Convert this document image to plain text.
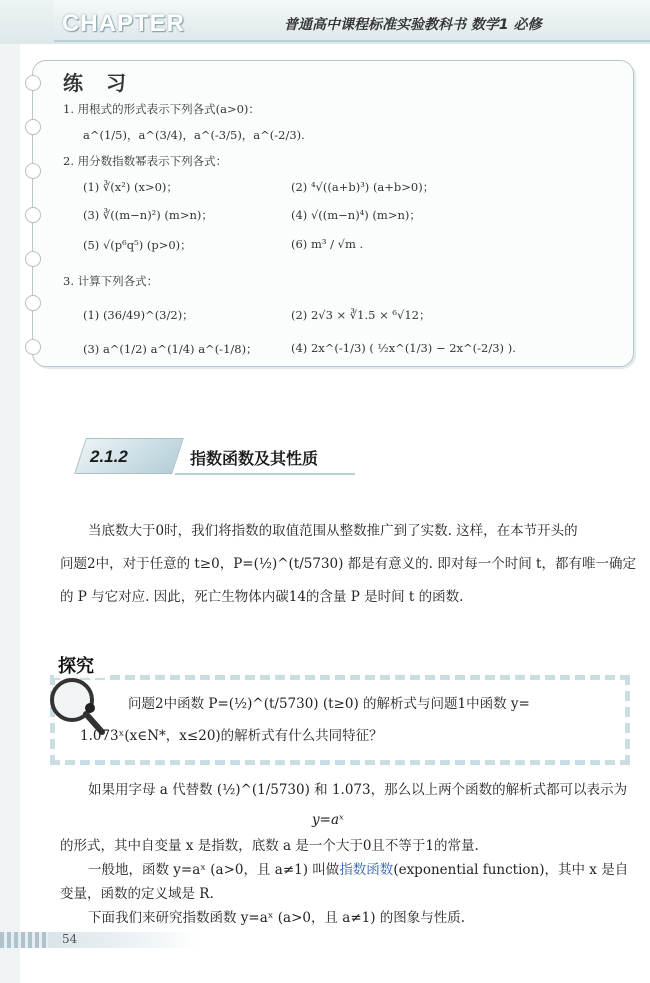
CHAPTER	普通高中课程标准实验教科书 数学1 必修
练 习
1. 用根式的形式表示下列各式(a>0)：
a^(1/5)，a^(3/4)，a^(-3/5)，a^(-2/3).
2. 用分数指数幂表示下列各式：
(1) ∛(x²) (x>0)；	(2) ⁴√((a+b)³) (a+b>0)；
(3) ∛((m−n)²) (m>n)；	(4) √((m−n)⁴) (m>n)；
(5) √(p⁶q⁵) (p>0)；	(6) m³ / √m .
3. 计算下列各式：
(1) (36/49)^(3/2)；	(2) 2√3 × ∛1.5 × ⁶√12；
(3) a^(1/2) a^(1/4) a^(-1/8)；	(4) 2x^(-1/3) ( ½x^(1/3) − 2x^(-2/3) ).
2.1.2	指数函数及其性质

当底数大于0时，我们将指数的取值范围从整数推广到了实数. 这样，在本节开头的

问题2中，对于任意的 t≥0，P=(½)^(t/5730) 都是有意义的. 即对每一个时间 t，都有唯一确定

的 P 与它对应. 因此，死亡生物体内碳14的含量 P 是时间 t 的函数.

探究
问题2中函数 P=(½)^(t/5730) (t≥0) 的解析式与问题1中函数 y=
1.073ˣ(x∈N*，x≤20)的解析式有什么共同特征？
如果用字母 a 代替数 (½)^(1/5730) 和 1.073，那么以上两个函数的解析式都可以表示为
y=aˣ
的形式，其中自变量 x 是指数，底数 a 是一个大于0且不等于1的常量.
一般地，函数 y=aˣ (a>0，且 a≠1) 叫做指数函数(exponential function)，其中 x 是自
变量，函数的定义域是 R.
下面我们来研究指数函数 y=aˣ (a>0，且 a≠1) 的图象与性质.
54
